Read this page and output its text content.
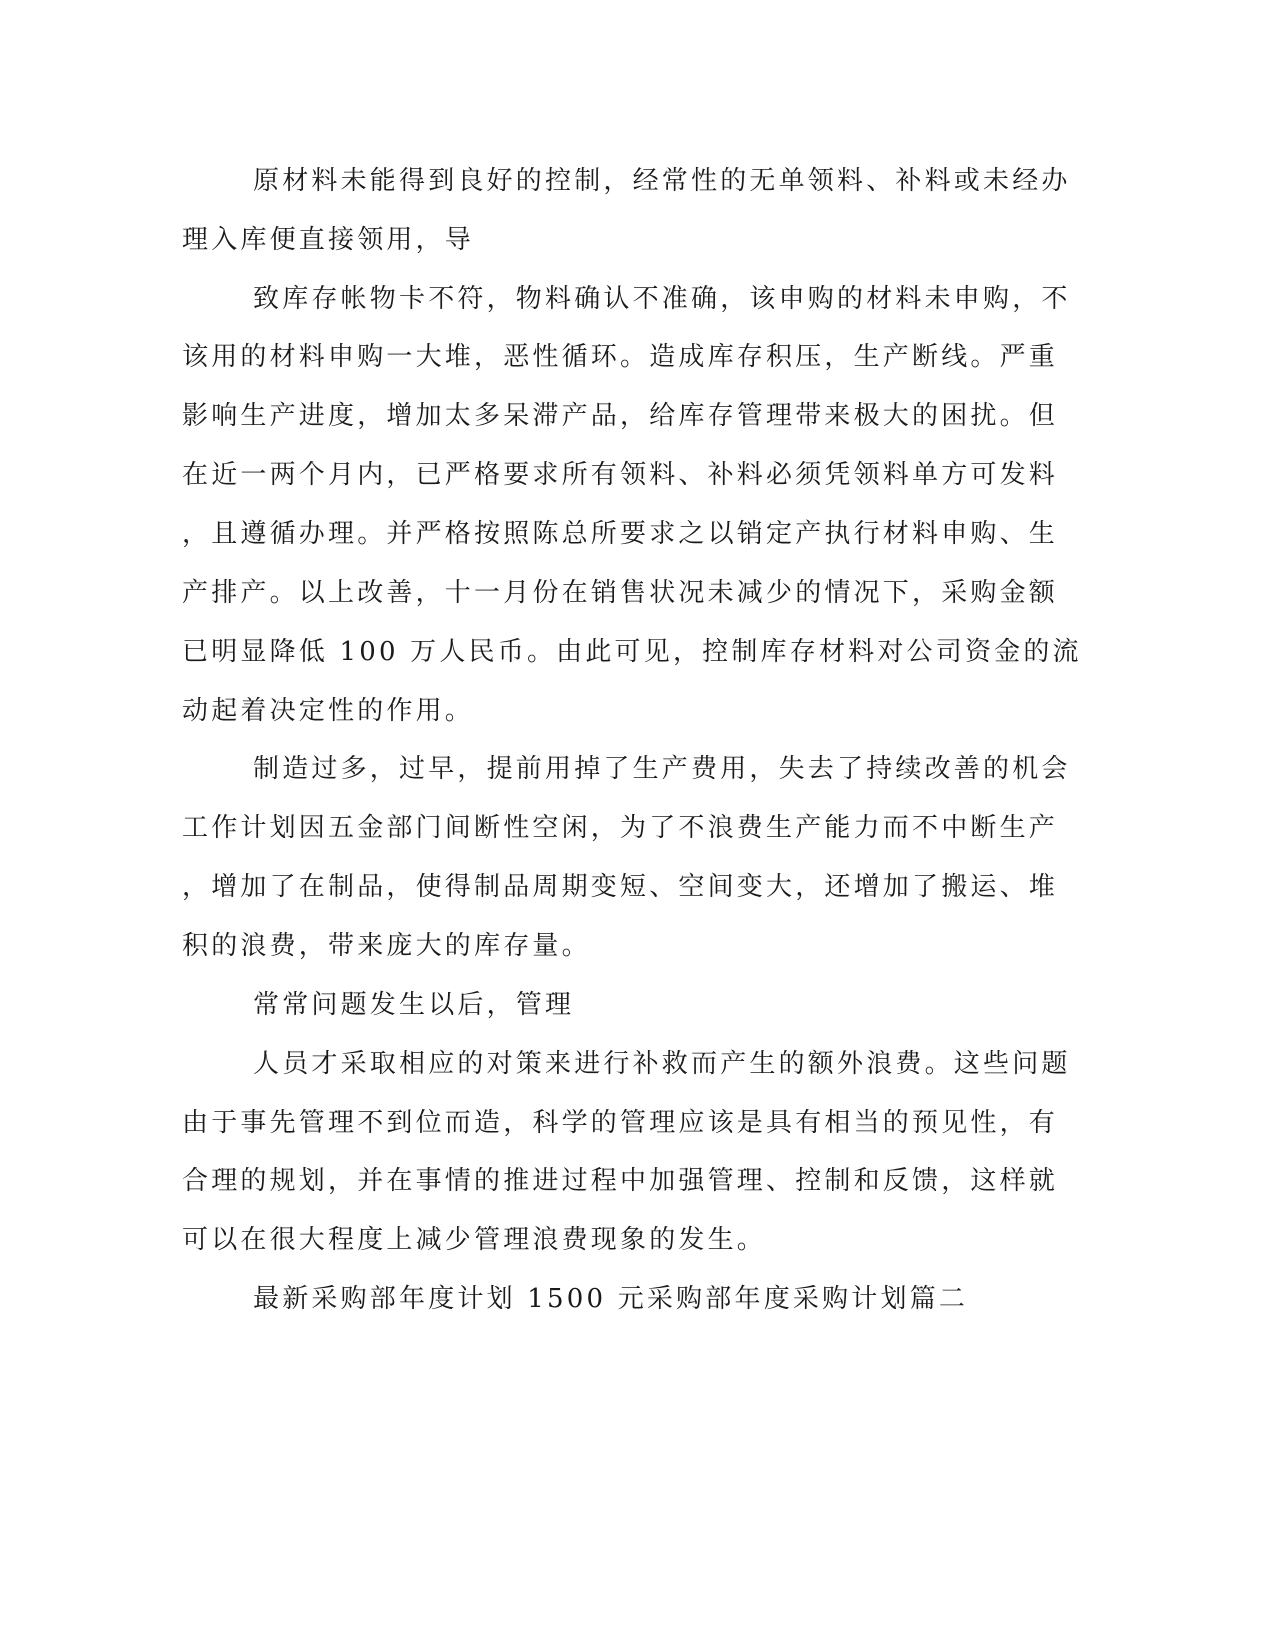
原材料未能得到良好的控制，经常性的无单领料、补料或未经办
理入库便直接领用，导
致库存帐物卡不符，物料确认不准确，该申购的材料未申购，不
该用的材料申购一大堆，恶性循环。造成库存积压，生产断线。严重
影响生产进度，增加太多呆滞产品，给库存管理带来极大的困扰。但
在近一两个月内，已严格要求所有领料、补料必须凭领料单方可发料
，且遵循办理。并严格按照陈总所要求之以销定产执行材料申购、生
产排产。以上改善，十一月份在销售状况未减少的情况下，采购金额
已明显降低 100 万人民币。由此可见，控制库存材料对公司资金的流
动起着决定性的作用。
制造过多，过早，提前用掉了生产费用，失去了持续改善的机会
工作计划因五金部门间断性空闲，为了不浪费生产能力而不中断生产
，增加了在制品，使得制品周期变短、空间变大，还增加了搬运、堆
积的浪费，带来庞大的库存量。
常常问题发生以后，管理
人员才采取相应的对策来进行补救而产生的额外浪费。这些问题
由于事先管理不到位而造，科学的管理应该是具有相当的预见性，有
合理的规划，并在事情的推进过程中加强管理、控制和反馈，这样就
可以在很大程度上减少管理浪费现象的发生。
最新采购部年度计划 1500 元采购部年度采购计划篇二
